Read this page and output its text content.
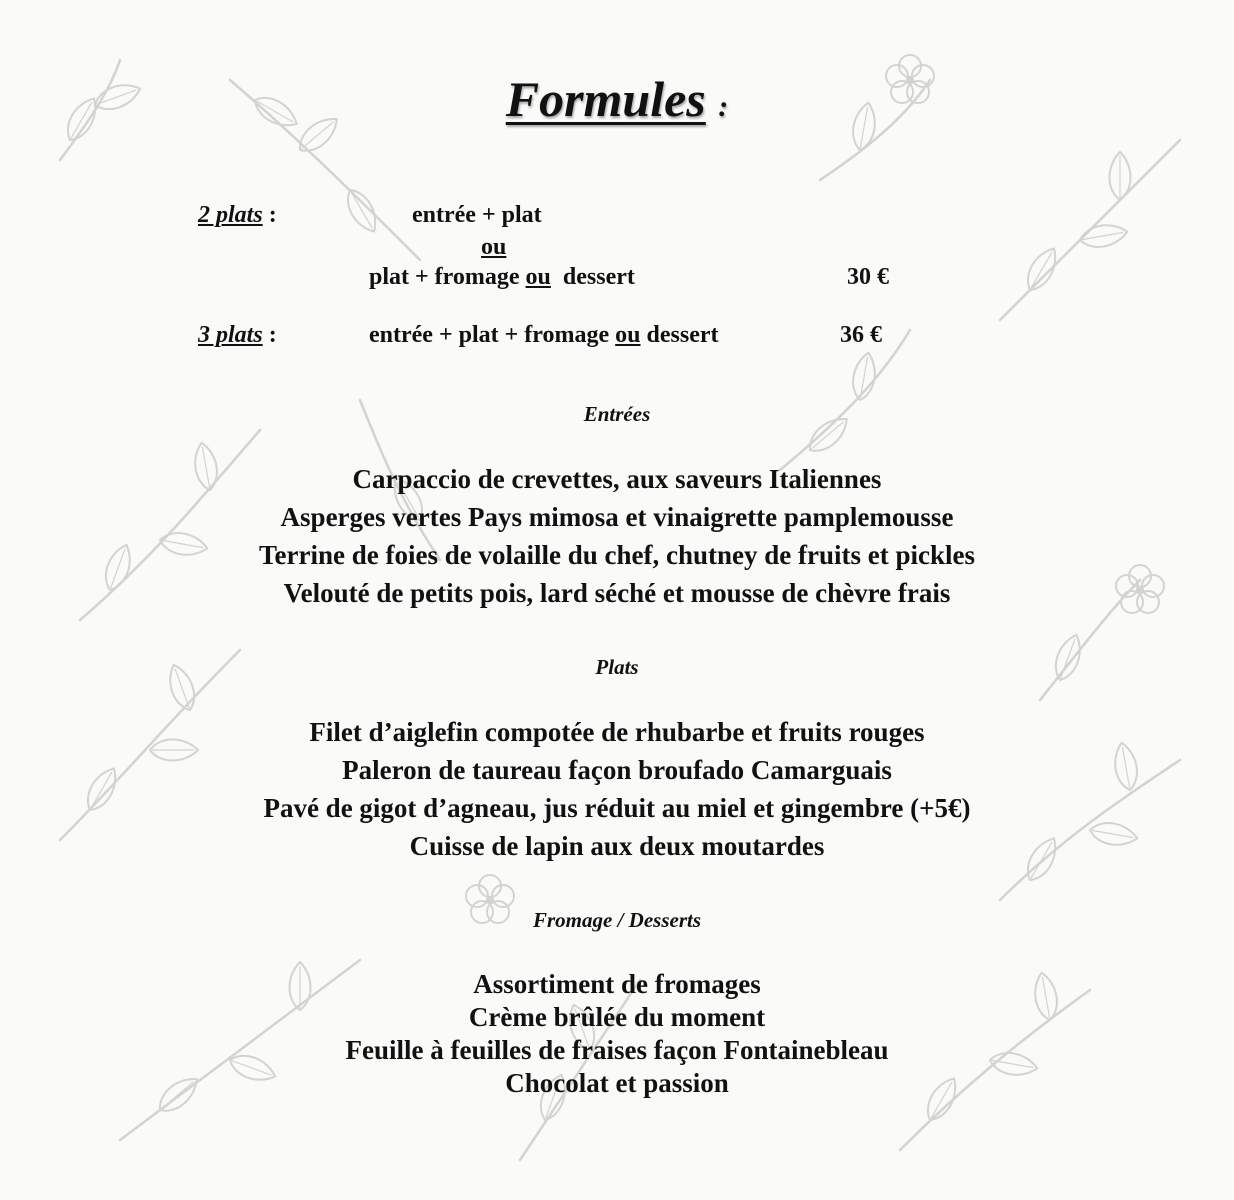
Formules :
2 plats :	entrée + plat
ou
plat + fromage ou dessert	30 €
3 plats :	entrée + plat + fromage ou dessert	36 €
Entrées
Carpaccio de crevettes, aux saveurs Italiennes
Asperges vertes Pays mimosa et vinaigrette pamplemousse
Terrine de foies de volaille du chef, chutney de fruits et pickles
Velouté de petits pois, lard séché et mousse de chèvre frais
Plats
Filet d’aiglefin compotée de rhubarbe et fruits rouges
Paleron de taureau façon broufado Camarguais
Pavé de gigot d’agneau, jus réduit au miel et gingembre (+5€)
Cuisse de lapin aux deux moutardes
Fromage / Desserts
Assortiment de fromages
Crème brûlée du moment
Feuille à feuilles de fraises façon Fontainebleau
Chocolat et passion
